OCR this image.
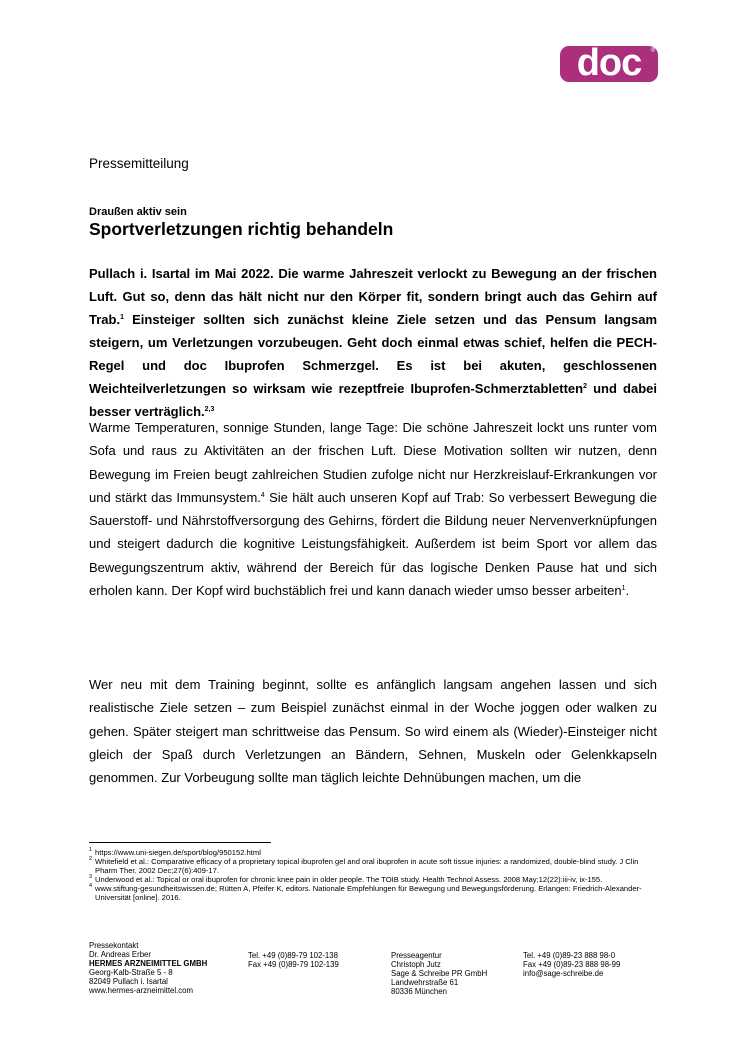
doc	®
Pressemitteilung
Draußen aktiv sein
Sportverletzungen richtig behandeln
Pullach i. Isartal im Mai 2022. Die warme Jahreszeit verlockt zu Bewegung an der frischen Luft. Gut so, denn das hält nicht nur den Körper fit, sondern bringt auch das Gehirn auf Trab.$^1$ Einsteiger sollten sich zunächst kleine Ziele setzen und das Pensum langsam steigern, um Verletzungen vorzubeugen. Geht doch einmal etwas schief, helfen die PECH-Regel und doc Ibuprofen Schmerzgel. Es ist bei akuten, geschlossenen Weichteilverletzungen so wirksam wie rezeptfreie Ibuprofen-Schmerztabletten$^2$ und dabei besser verträglich.$^{2,3}$
Warme Temperaturen, sonnige Stunden, lange Tage: Die schöne Jahreszeit lockt uns runter vom Sofa und raus zu Aktivitäten an der frischen Luft. Diese Motivation sollten wir nutzen, denn Bewegung im Freien beugt zahlreichen Studien zufolge nicht nur Herzkreislauf-Erkrankungen vor und stärkt das Immunsystem.$^4$ Sie hält auch unseren Kopf auf Trab: So verbessert Bewegung die Sauerstoff- und Nährstoffversorgung des Gehirns, fördert die Bildung neuer Nervenverknüpfungen und steigert dadurch die kognitive Leistungsfähigkeit. Außerdem ist beim Sport vor allem das Bewegungszentrum aktiv, während der Bereich für das logische Denken Pause hat und sich erholen kann. Der Kopf wird buchstäblich frei und kann danach wieder umso besser arbeiten$^1$.
Wer neu mit dem Training beginnt, sollte es anfänglich langsam angehen lassen und sich realistische Ziele setzen – zum Beispiel zunächst einmal in der Woche joggen oder walken zu gehen. Später steigert man schrittweise das Pensum. So wird einem als (Wieder)-Einsteiger nicht gleich der Spaß durch Verletzungen an Bändern, Sehnen, Muskeln oder Gelenkkapseln genommen. Zur Vorbeugung sollte man täglich leichte Dehnübungen machen, um die
1 https://www.uni-siegen.de/sport/blog/950152.html
2 Whitefield et al.: Comparative efficacy of a proprietary topical ibuprofen gel and oral ibuprofen in acute soft tissue injuries: a randomized, double-blind study. J Clin Pharm Ther. 2002 Dec;27(6):409-17.
3 Underwood et al.: Topical or oral ibuprofen for chronic knee pain in older people. The TOIB study. Health Technol Assess. 2008 May;12(22):iii-iv, ix-155.
4 www.stiftung-gesundheitswissen.de; Rütten A, Pfeifer K, editors. Nationale Empfehlungen für Bewegung und Bewegungsförderung. Erlangen: Friedrich-Alexander-Universität [online]. 2016.
Pressekontakt
Dr. Andreas Erber
HERMES ARZNEIMITTEL GMBH
Georg-Kalb-Straße 5 - 8
82049 Pullach i. Isartal
www.hermes-arzneimittel.com
Tel. +49 (0)89-79 102-138
Fax +49 (0)89-79 102-139
Presseagentur
Christoph Jutz
Sage & Schreibe PR GmbH
Landwehrstraße 61
80336 München
Tel. +49 (0)89-23 888 98-0
Fax +49 (0)89-23 888 98-99
info@sage-schreibe.de
